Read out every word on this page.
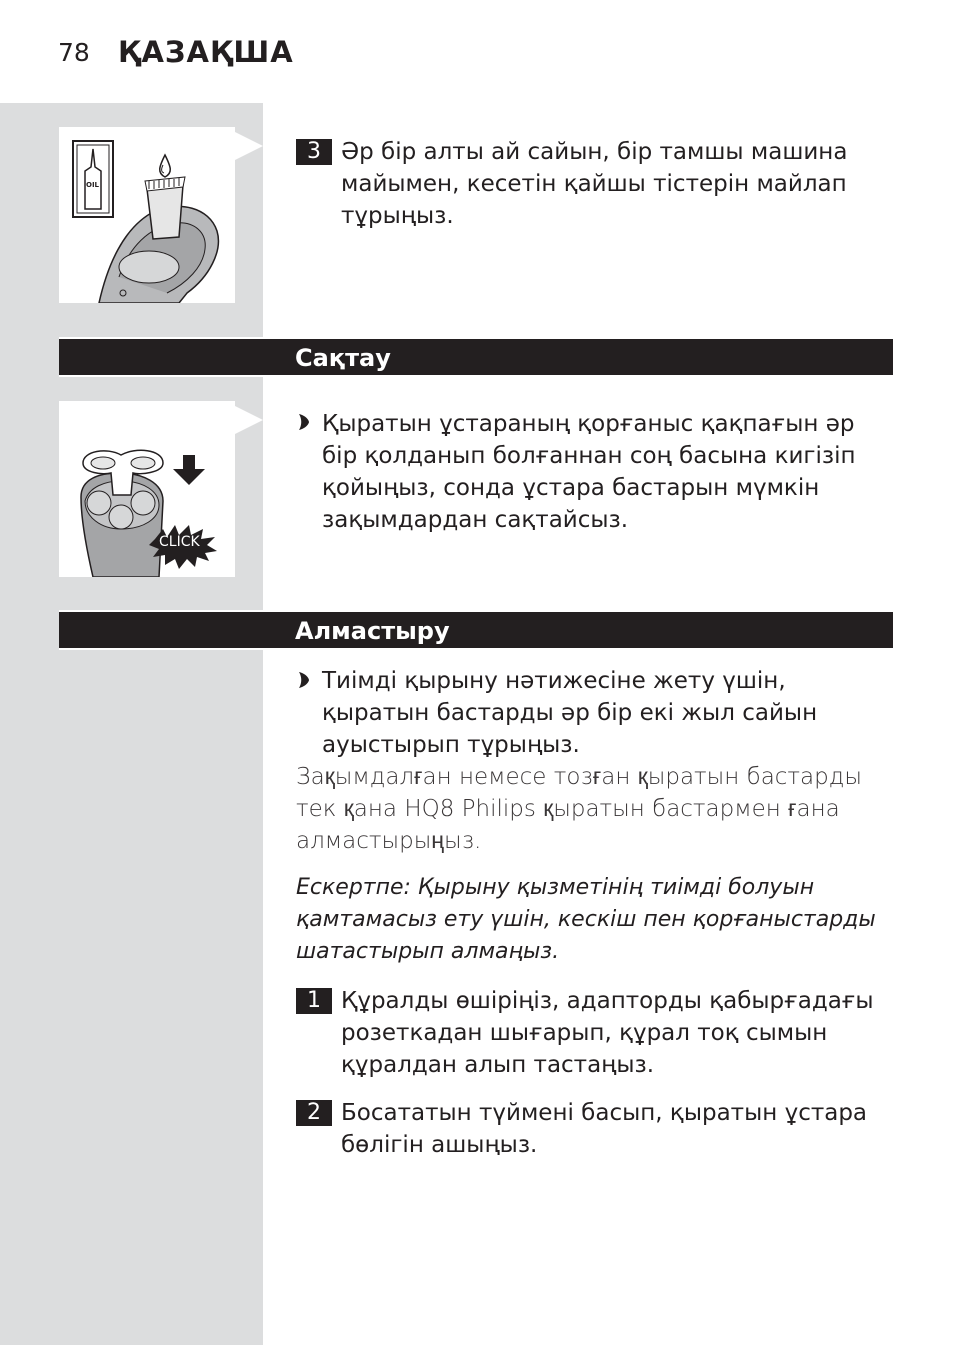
78 ҚАЗАҚША
OIL
3 Әр бір алты ай сайын, бір тамшы машина
майымен, кесетін қайшы тістерін майлап
тұрыңыз.
Сақтау
CLICK
Қыратын ұстараның қорғаныс қақпағын әр
бір қолданып болғаннан соң басына кигізіп
қойыңыз, сонда ұстара бастарын мүмкін
зақымдардан сақтайсыз.
Алмастыру
Тиімді қырыну нәтижесіне жету үшін,
қыратын бастарды әр бір екі жыл сайын
ауыстырып тұрыңыз.
Зақымдалған немесе тозған қыратын бастарды
тек қана HQ8 Philips қыратын бастармен ғана
алмастырыңыз.
Ескертпе: Қырыну қызметінің тиімді болуын
қамтамасыз ету үшін, кескіш пен қорғаныстарды
шатастырып алмаңыз.
1 Құралды өшіріңіз, адапторды қабырғадағы
розеткадан шығарып, құрал тоқ сымын
құралдан алып тастаңыз.
2 Босататын түймені басып, қыратын ұстара
бөлігін ашыңыз.
